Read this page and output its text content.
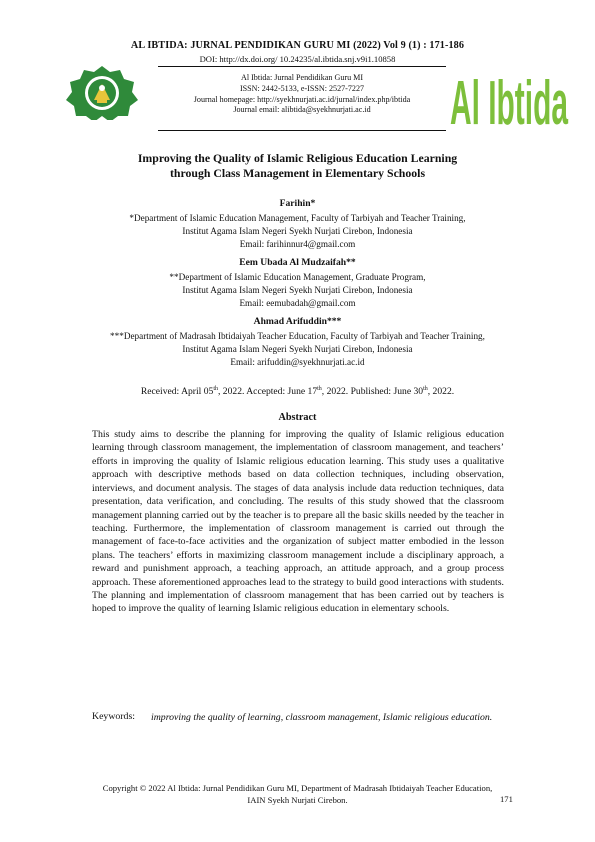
AL IBTIDA: JURNAL PENDIDIKAN GURU MI (2022) Vol 9 (1) : 171-186
DOI: http://dx.doi.org/ 10.24235/al.ibtida.snj.v9i1.10858
Al Ibtida: Jurnal Pendidikan Guru MI
ISSN: 2442-5133, e-ISSN: 2527-7227
Journal homepage: http://syekhnurjati.ac.id/jurnal/index.php/ibtida
Journal email: alibtida@syekhnurjati.ac.id	Al Ibtida
Improving the Quality of Islamic Religious Education Learning
through Class Management in Elementary Schools
Farihin*
*Department of Islamic Education Management, Faculty of Tarbiyah and Teacher Training,
Institut Agama Islam Negeri Syekh Nurjati Cirebon, Indonesia
Email: farihinnur4@gmail.com
Eem Ubada Al Mudzaifah**
**Department of Islamic Education Management, Graduate Program,
Institut Agama Islam Negeri Syekh Nurjati Cirebon, Indonesia
Email: eemubadah@gmail.com
Ahmad Arifuddin***
***Department of Madrasah Ibtidaiyah Teacher Education, Faculty of Tarbiyah and Teacher Training,
Institut Agama Islam Negeri Syekh Nurjati Cirebon, Indonesia
Email: arifuddin@syekhnurjati.ac.id
Received: April 05th, 2022. Accepted: June 17th, 2022. Published: June 30th, 2022.
Abstract
This study aims to describe the planning for improving the quality of Islamic religious education learning through classroom management, the implementation of classroom management, and teachers’ efforts in improving the quality of Islamic religious education learning. This study uses a qualitative approach with descriptive methods based on data collection techniques, including observation, interviews, and document analysis. The stages of data analysis include data reduction techniques, data presentation, data verification, and concluding. The results of this study showed that the classroom management planning carried out by the teacher is to prepare all the basic skills needed by the teacher in teaching. Furthermore, the implementation of classroom management is carried out through the management of face-to-face activities and the organization of subject matter embodied in the lesson plans. The teachers’ efforts in maximizing classroom management include a disciplinary approach, a reward and punishment approach, a teaching approach, an attitude approach, and a group process approach. These aforementioned approaches lead to the strategy to build good interactions with students. The planning and implementation of classroom management that has been carried out by teachers is hoped to improve the quality of learning Islamic religious education in elementary schools.
Keywords: improving the quality of learning, classroom management, Islamic religious education.
Copyright © 2022 Al Ibtida: Jurnal Pendidikan Guru MI, Department of Madrasah Ibtidaiyah Teacher Education,
IAIN Syekh Nurjati Cirebon.	171
